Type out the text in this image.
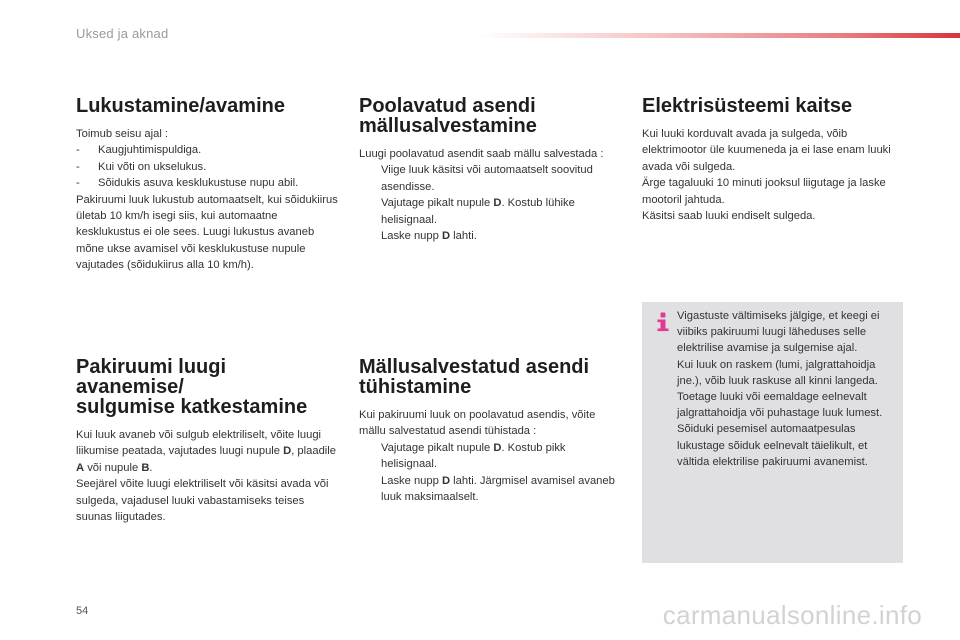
Uksed ja aknad
Lukustamine/avamine

Toimub seisu ajal :

- Kaugjuhtimispuldiga.

- Kui võti on ukselukus.

- Sõidukis asuva kesklukustuse nupu abil.

Pakiruumi luuk lukustub automaatselt, kui sõidukiirus ületab 10 km/h isegi siis, kui automaatne kesklukustus ei ole sees. Luugi lukustus avaneb mõne ukse avamisel või kesklukustuse nupule vajutades (sõidukiirus alla 10 km/h).

Poolavatud asendi
mällusalvestamine

Luugi poolavatud asendit saab mällu salvestada :

Viige luuk käsitsi või automaatselt soovitud asendisse.

Vajutage pikalt nupule D. Kostub lühike helisignaal.

Laske nupp D lahti.

Elektrisüsteemi kaitse

Kui luuki korduvalt avada ja sulgeda, võib elektrimootor üle kuumeneda ja ei lase enam luuki avada või sulgeda.

Ärge tagaluuki 10 minuti jooksul liigutage ja laske mootoril jahtuda.

Käsitsi saab luuki endiselt sulgeda.

Pakiruumi luugi avanemise/
sulgumise katkestamine

Kui luuk avaneb või sulgub elektriliselt, võite luugi liikumise peatada, vajutades luugi nupule D, plaadile A või nupule B.

Seejärel võite luugi elektriliselt või käsitsi avada või sulgeda, vajadusel luuki vabastamiseks teises suunas liigutades.

Mällusalvestatud asendi
tühistamine

Kui pakiruumi luuk on poolavatud asendis, võite mällu salvestatud asendi tühistada :

Vajutage pikalt nupule D. Kostub pikk helisignaal.

Laske nupp D lahti. Järgmisel avamisel avaneb luuk maksimaalselt.

Vigastuste vältimiseks jälgige, et keegi ei viibiks pakiruumi luugi läheduses selle elektrilise avamise ja sulgemise ajal.

Kui luuk on raskem (lumi, jalgrattahoidja jne.), võib luuk raskuse all kinni langeda. Toetage luuki või eemaldage eelnevalt jalgrattahoidja või puhastage luuk lumest.

Sõiduki pesemisel automaatpesulas lukustage sõiduk eelnevalt täielikult, et vältida elektrilise pakiruumi avanemist.

54	carmanualsonline.info
